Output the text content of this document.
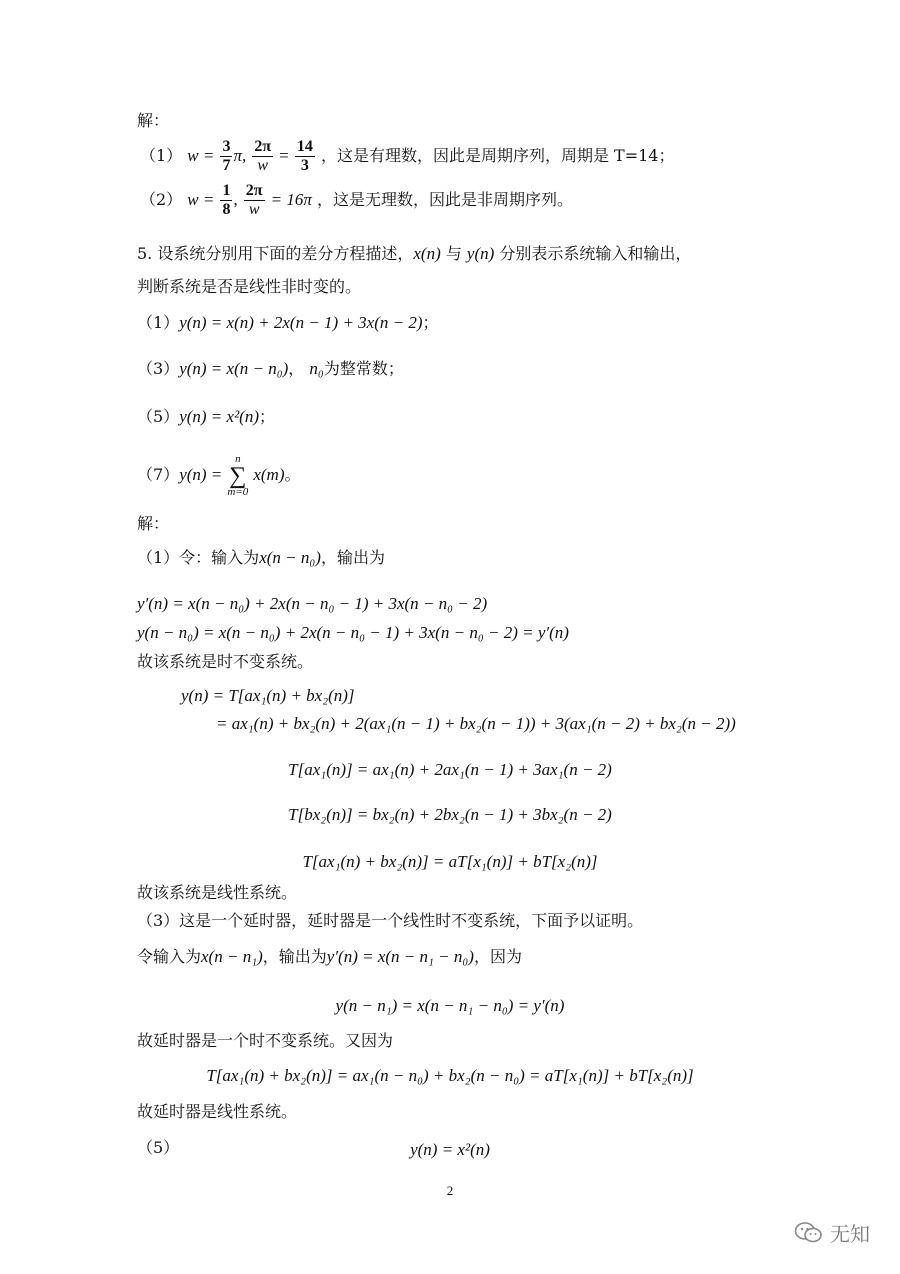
解：
（1） $w = \frac{3}{7} \pi$, $\frac{2\pi}{w} = \frac{14}{3}$ ，这是有理数，因此是周期序列，周期是 T=14；
（2） $w = \frac{1}{8}$ , $\frac{2\pi}{w} = 16\pi$ ，这是无理数，因此是非周期序列。
5. 设系统分别用下面的差分方程描述，x(n) 与 y(n) 分别表示系统输入和输出，
判断系统是否是线性非时变的。
（1）y(n) = x(n) + 2x(n − 1) + 3x(n − 2)；
（3）y(n) = x(n − n₀)， n₀为整常数；
（5）y(n) = x²(n)；
（7）y(n) =
n
∑
m=0
x(m)。
解：
（1）令：输入为x(n − n₀)，输出为
y′(n) = x(n − n₀) + 2x(n − n₀ − 1) + 3x(n − n₀ − 2)
y(n − n₀) = x(n − n₀) + 2x(n − n₀ − 1) + 3x(n − n₀ − 2) = y′(n)
故该系统是时不变系统。
y(n) = T[ax₁(n) + bx₂(n)]
= ax₁(n) + bx₂(n) + 2(ax₁(n − 1) + bx₂(n − 1)) + 3(ax₁(n − 2) + bx₂(n − 2))
T[ax₁(n)] = ax₁(n) + 2ax₁(n − 1) + 3ax₁(n − 2)
T[bx₂(n)] = bx₂(n) + 2bx₂(n − 1) + 3bx₂(n − 2)
T[ax₁(n) + bx₂(n)] = aT[x₁(n)] + bT[x₂(n)]
故该系统是线性系统。
（3）这是一个延时器，延时器是一个线性时不变系统，下面予以证明。
令输入为x(n − n₁)，输出为y′(n) = x(n − n₁ − n₀)，因为
y(n − n₁) = x(n − n₁ − n₀) = y′(n)
故延时器是一个时不变系统。又因为
T[ax₁(n) + bx₂(n)] = ax₁(n − n₀) + bx₂(n − n₀) = aT[x₁(n)] + bT[x₂(n)]
故延时器是线性系统。
（5）	y(n) = x²(n)
2
无知
